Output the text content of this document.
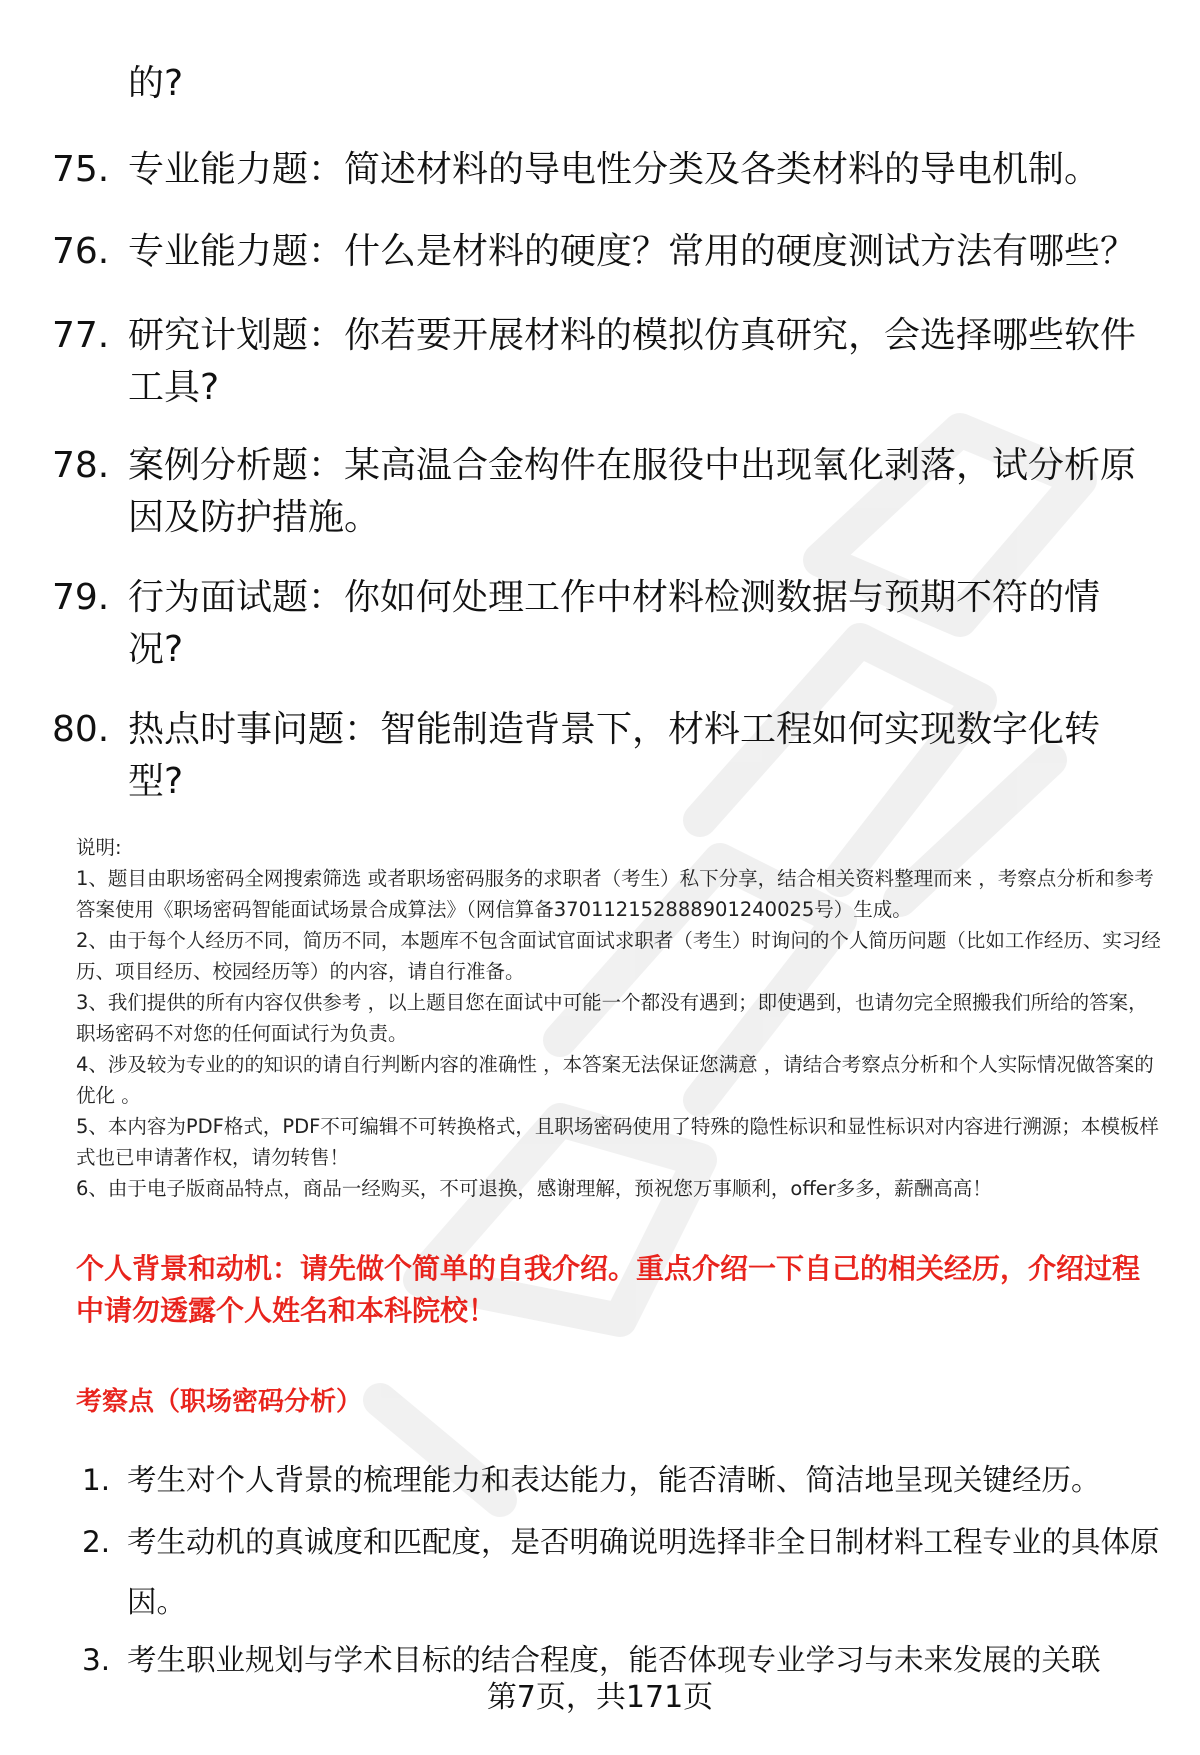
的?
75. 专业能力题：简述材料的导电性分类及各类材料的导电机制。
76. 专业能力题：什么是材料的硬度？常用的硬度测试方法有哪些？
77. 研究计划题：你若要开展材料的模拟仿真研究，会选择哪些软件工具?
78. 案例分析题：某高温合金构件在服役中出现氧化剥落，试分析原因及防护措施。
79. 行为面试题：你如何处理工作中材料检测数据与预期不符的情况?
80. 热点时事问题：智能制造背景下，材料工程如何实现数字化转型?

说明:

1、题目由职场密码全网搜索筛选 或者职场密码服务的求职者（考生）私下分享，结合相关资料整理而来 ，考察点分析和参考答案使用《职场密码智能面试场景合成算法》（网信算备370112152888901240025号）生成。

2、由于每个人经历不同，简历不同，本题库不包含面试官面试求职者（考生）时询问的个人简历问题（比如工作经历、实习经历、项目经历、校园经历等）的内容，请自行准备。

3、我们提供的所有内容仅供参考 ，以上题目您在面试中可能一个都没有遇到；即使遇到，也请勿完全照搬我们所给的答案，职场密码不对您的任何面试行为负责。

4、涉及较为专业的的知识的请自行判断内容的准确性 ，本答案无法保证您满意 ，请结合考察点分析和个人实际情况做答案的优化 。

5、本内容为PDF格式，PDF不可编辑不可转换格式，且职场密码使用了特殊的隐性标识和显性标识对内容进行溯源；本模板样式也已申请著作权，请勿转售！

6、由于电子版商品特点，商品一经购买，不可退换，感谢理解，预祝您万事顺利，offer多多，薪酬高高！

个人背景和动机：请先做个简单的自我介绍。重点介绍一下自己的相关经历，介绍过程中请勿透露个人姓名和本科院校！
考察点（职场密码分析）
1. 考生对个人背景的梳理能力和表达能力，能否清晰、简洁地呈现关键经历。
2. 考生动机的真诚度和匹配度，是否明确说明选择非全日制材料工程专业的具体原因。
3. 考生职业规划与学术目标的结合程度，能否体现专业学习与未来发展的关联
第7页，共171页
